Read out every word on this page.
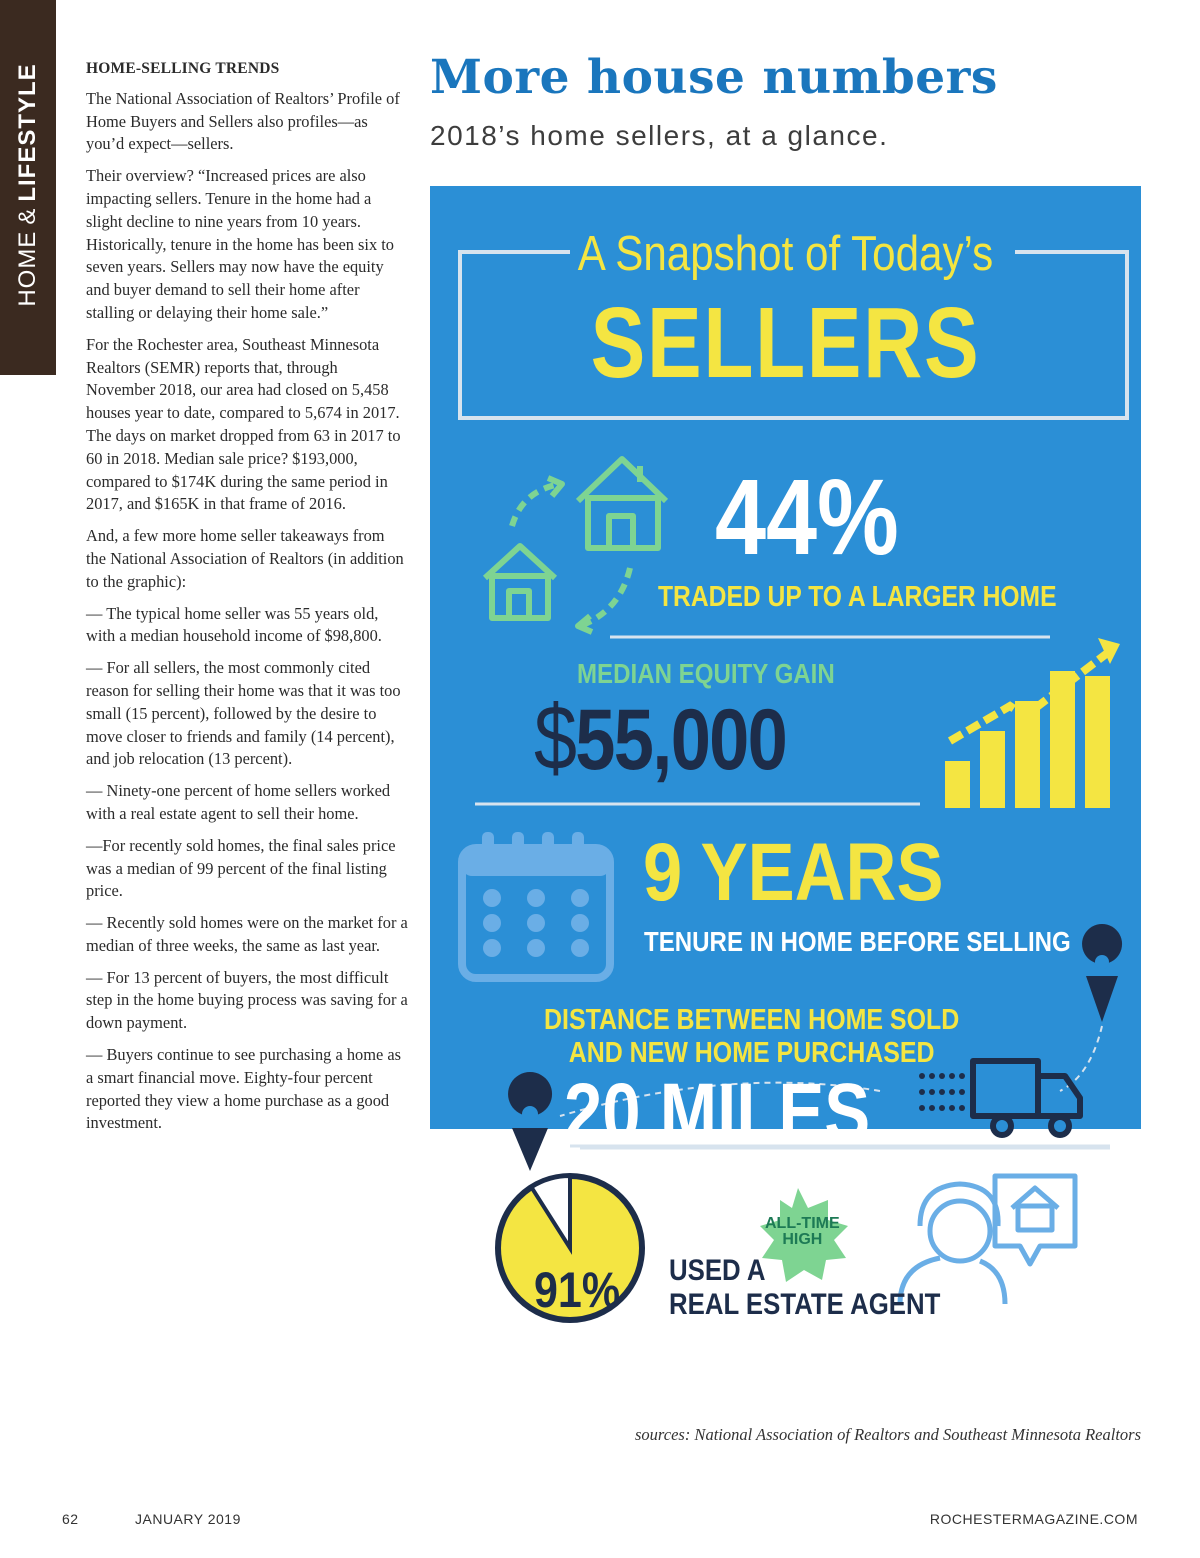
HOME&LIFESTYLE	HOME-SELLING TRENDS

The National Association of Realtors’ Profile of Home Buyers and Sellers also profiles—as you’d expect—sellers.

Their overview? “Increased prices are also impacting sellers. Tenure in the home had a slight decline to nine years from 10 years. Historically, tenure in the home has been six to seven years. Sellers may now have the equity and buyer demand to sell their home after stalling or delaying their home sale.”

For the Rochester area, Southeast Minnesota Realtors (SEMR) reports that, through November 2018, our area had closed on 5,458 houses year to date, compared to 5,674 in 2017. The days on market dropped from 63 in 2017 to 60 in 2018. Median sale price? $193,000, compared to $174K during the same period in 2017, and $165K in that frame of 2016.

And, a few more home seller takeaways from the National Association of Realtors (in addition to the graphic):

— The typical home seller was 55 years old, with a median household income of $98,800.

— For all sellers, the most commonly cited reason for selling their home was that it was too small (15 percent), followed by the desire to move closer to friends and family (14 percent), and job relocation (13 percent).

— Ninety-one percent of home sellers worked with a real estate agent to sell their home.

—For recently sold homes, the final sales price was a median of 99 percent of the final listing price.

— Recently sold homes were on the market for a median of three weeks, the same as last year.

— For 13 percent of buyers, the most difficult step in the home buying process was saving for a down payment.

— Buyers continue to see purchasing a home as a smart financial move. Eighty-four percent reported they view a home purchase as a good investment.

More house numbers
2018’s home sellers, at a glance.
A Snapshot of Today’s
SELLERS
44%
TRADED UP TO A LARGER HOME
MEDIAN EQUITY GAIN
$55,000
9 YEARS
TENURE IN HOME BEFORE SELLING
DISTANCE BETWEEN HOME SOLD
AND NEW HOME PURCHASED
20 MILES
91% USED A
REAL ESTATE AGENT
ALL-TIME
HIGH
* 2018 Profile of Home Buyers and Sellers	R
REALTOR®
NATIONAL
ASSOCIATION of
REALTORS®
sources: National Association of Realtors and Southeast Minnesota Realtors
62	JANUARY 2019	ROCHESTERMAGAZINE.COM
